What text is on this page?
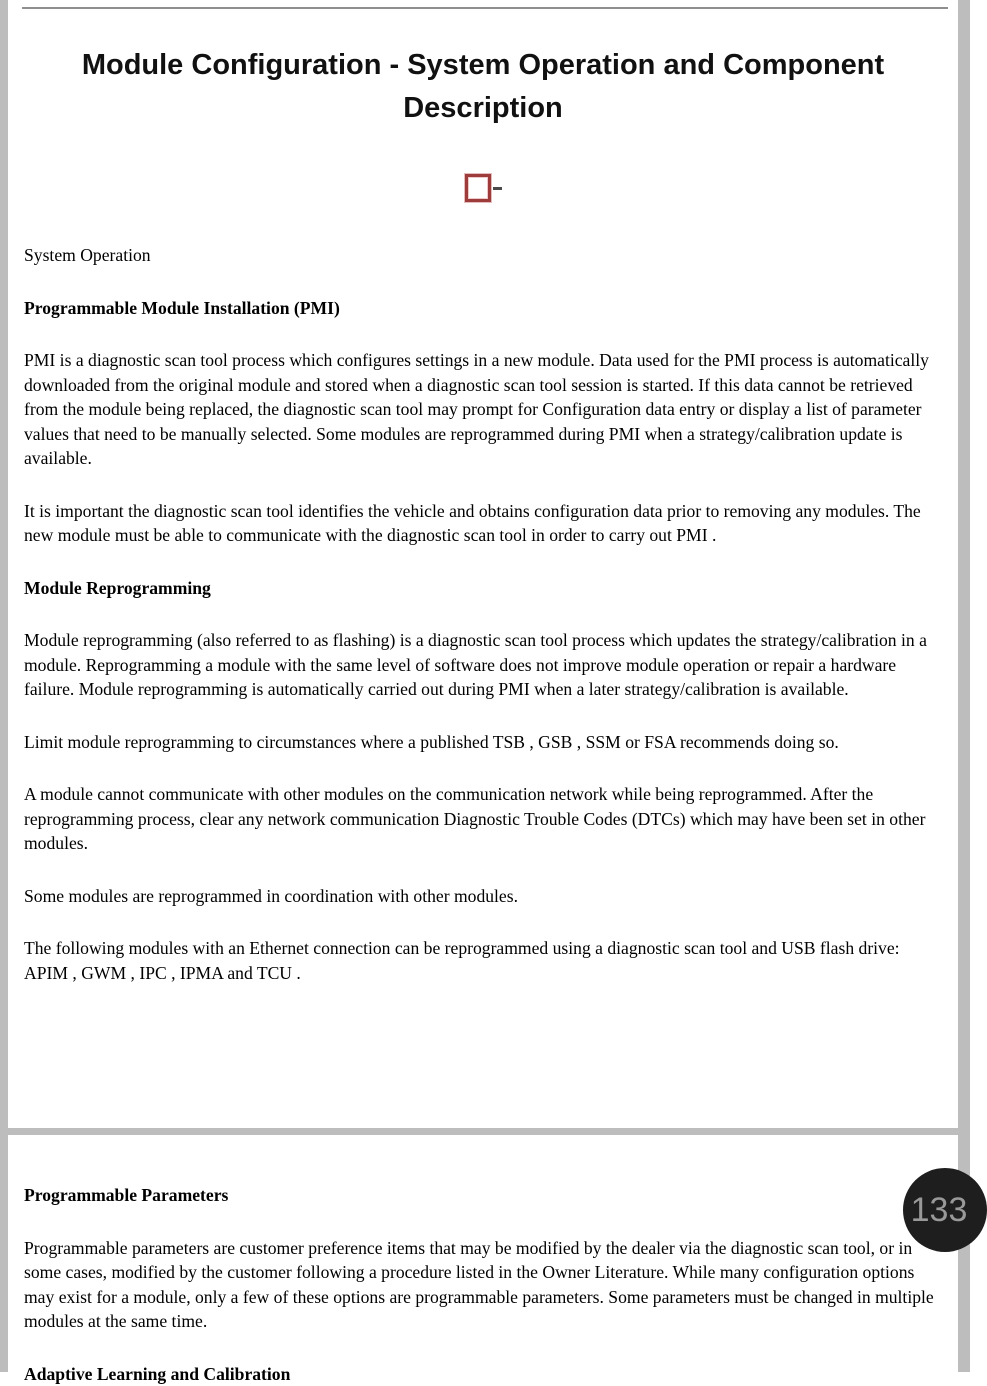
Module Configuration - System Operation and Component Description

System Operation

Programmable Module Installation (PMI)

PMI is a diagnostic scan tool process which configures settings in a new module. Data used for the PMI process is automatically downloaded from the original module and stored when a diagnostic scan tool session is started. If this data cannot be retrieved from the module being replaced, the diagnostic scan tool may prompt for Configuration data entry or display a list of parameter values that need to be manually selected. Some modules are reprogrammed during PMI when a strategy/calibration update is available.

It is important the diagnostic scan tool identifies the vehicle and obtains configuration data prior to removing any modules. The new module must be able to communicate with the diagnostic scan tool in order to carry out PMI .

Module Reprogramming

Module reprogramming (also referred to as flashing) is a diagnostic scan tool process which updates the strategy/calibration in a module. Reprogramming a module with the same level of software does not improve module operation or repair a hardware failure. Module reprogramming is automatically carried out during PMI when a later strategy/calibration is available.

Limit module reprogramming to circumstances where a published TSB , GSB , SSM or FSA recommends doing so.

A module cannot communicate with other modules on the communication network while being reprogrammed. After the reprogramming process, clear any network communication Diagnostic Trouble Codes (DTCs) which may have been set in other modules.

Some modules are reprogrammed in coordination with other modules.

The following modules with an Ethernet connection can be reprogrammed using a diagnostic scan tool and USB flash drive: APIM , GWM , IPC , IPMA and TCU .

Programmable Parameters

Programmable parameters are customer preference items that may be modified by the dealer via the diagnostic scan tool, or in some cases, modified by the customer following a procedure listed in the Owner Literature. While many configuration options may exist for a module, only a few of these options are programmable parameters. Some parameters must be changed in multiple modules at the same time.

Adaptive Learning and Calibration

133
